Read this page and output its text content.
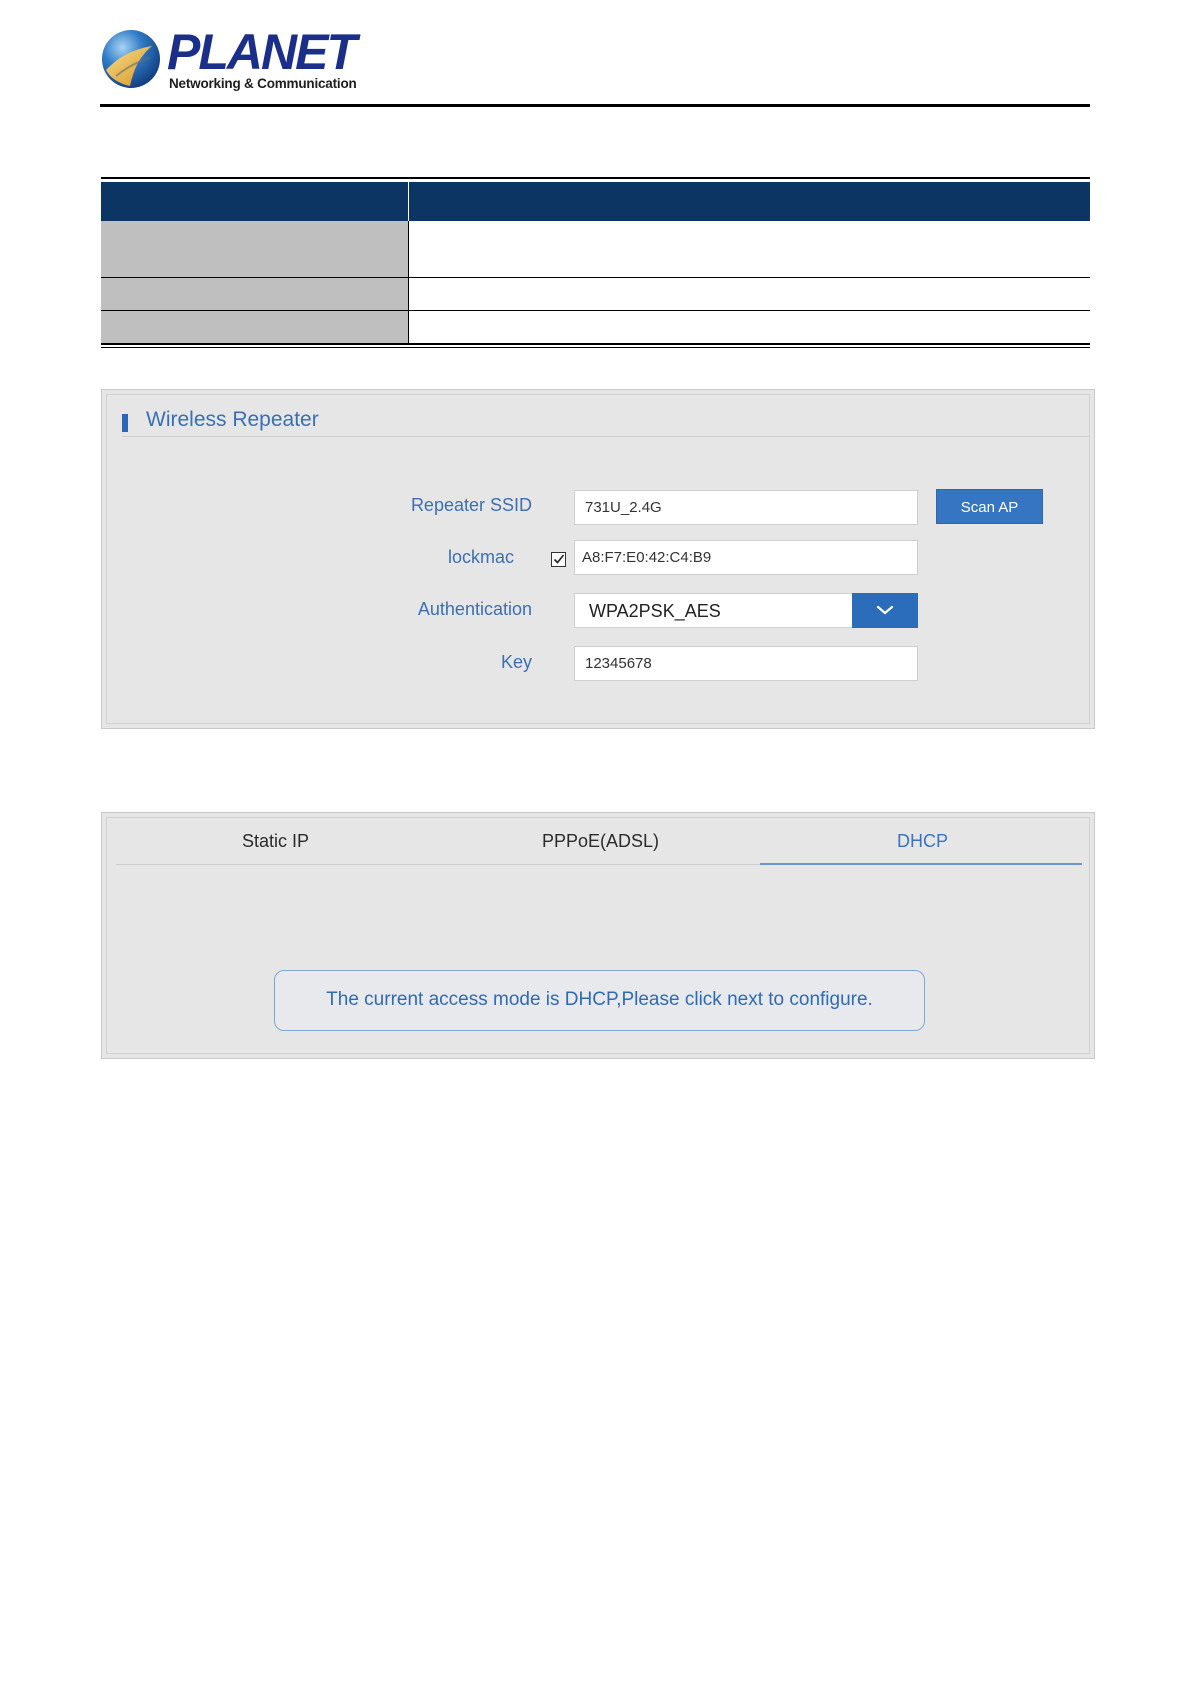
PLANET
Networking & Communication
Wireless Repeater
Repeater SSID	731U_2.4G	Scan AP
lockmac	A8:F7:E0:42:C4:B9
Authentication	WPA2PSK_AES
Key	12345678
Static IP	PPPoE(ADSL)	DHCP
The current access mode is DHCP,Please click next to configure.
